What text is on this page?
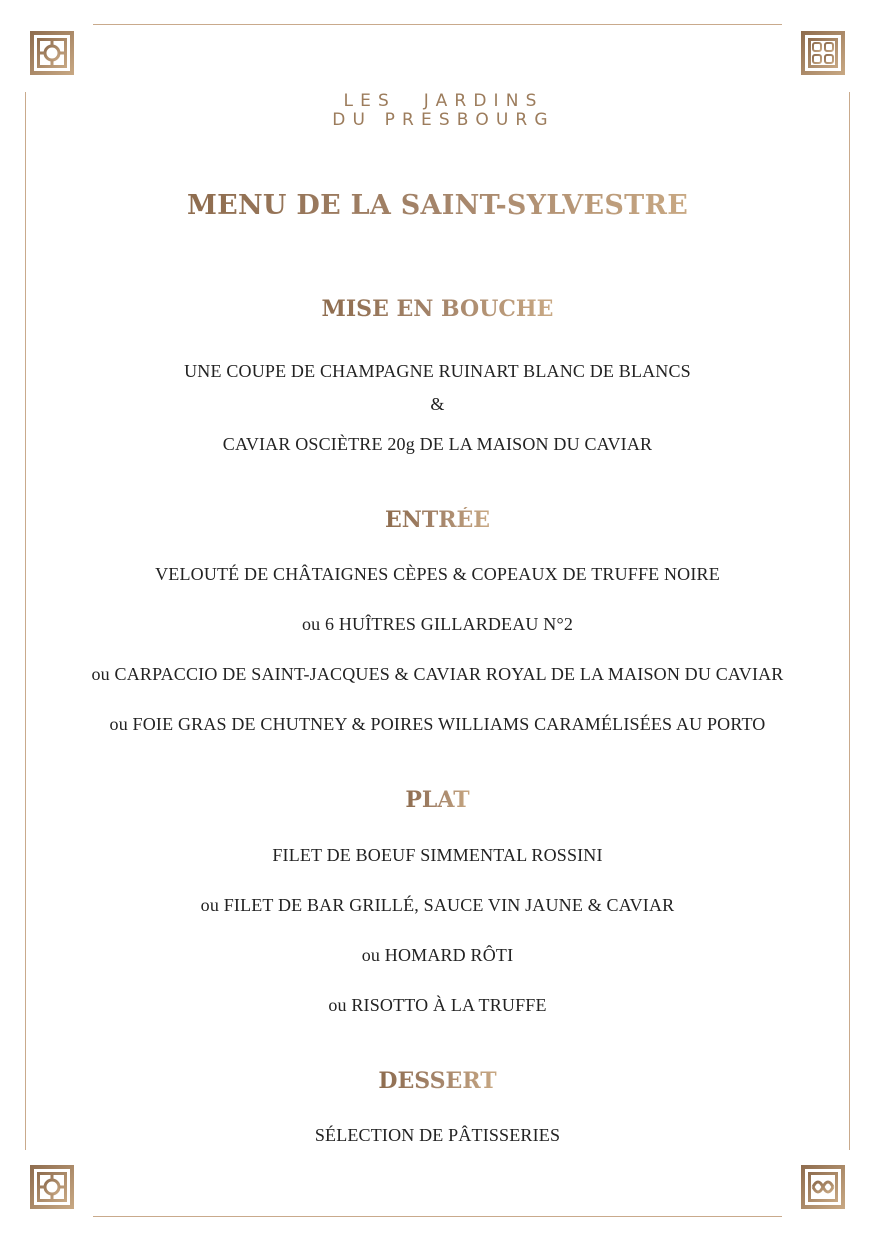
LES JARDINS
DU PRESBOURG
MENU DE LA SAINT-SYLVESTRE
MISE EN BOUCHE
UNE COUPE DE CHAMPAGNE RUINART BLANC DE BLANCS
&
CAVIAR OSCIÈTRE 20g DE LA MAISON DU CAVIAR
ENTRÉE
VELOUTÉ DE CHÂTAIGNES CÈPES & COPEAUX DE TRUFFE NOIRE
ou 6 HUÎTRES GILLARDEAU N°2
ou CARPACCIO DE SAINT-JACQUES & CAVIAR ROYAL DE LA MAISON DU CAVIAR
ou FOIE GRAS DE CHUTNEY & POIRES WILLIAMS CARAMÉLISÉES AU PORTO
PLAT
FILET DE BOEUF SIMMENTAL ROSSINI
ou FILET DE BAR GRILLÉ, SAUCE VIN JAUNE & CAVIAR
ou HOMARD RÔTI
ou RISOTTO À LA TRUFFE
DESSERT
SÉLECTION DE PÂTISSERIES
